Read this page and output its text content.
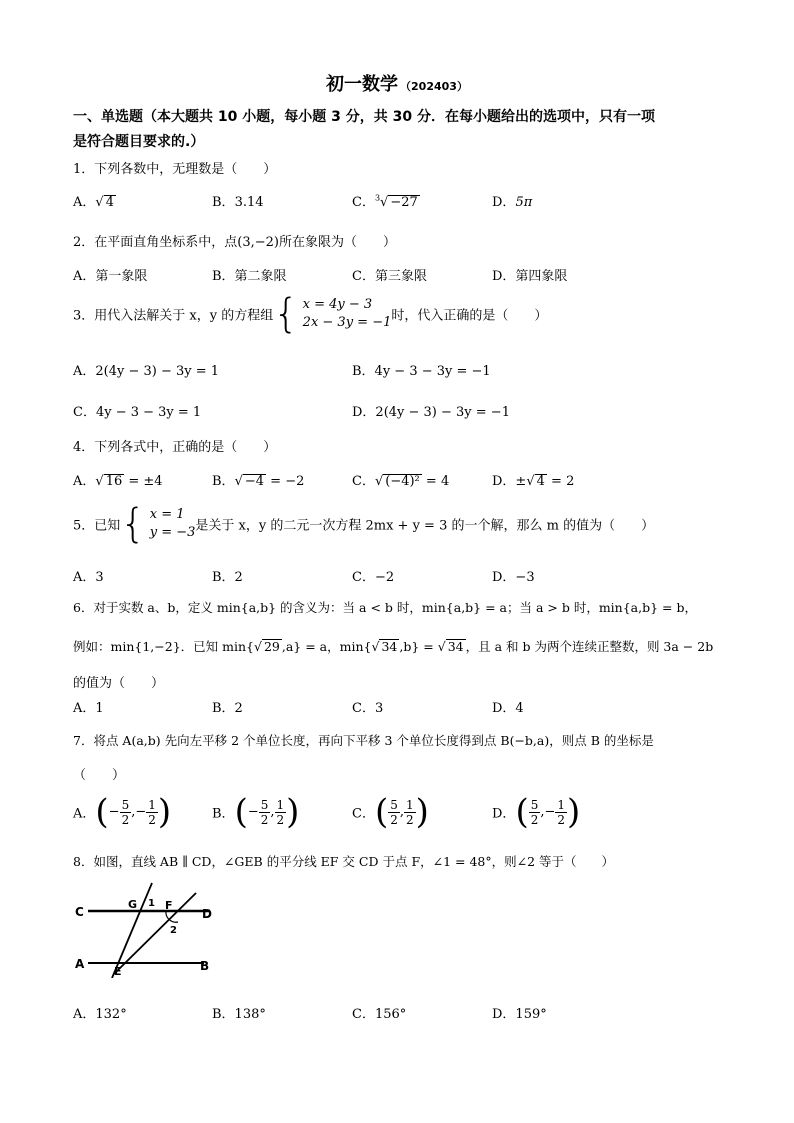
初一数学 （202403）
一、单选题（本大题共 10 小题，每小题 3 分，共 30 分．在每小题给出的选项中，只有一项
是符合题目要求的.）
1．下列各数中，无理数是（　　）
A．√ 4	B．3.14	C．$^3$√ −27	D．5π
2．在平面直角坐标系中，点(3,−2)所在象限为（　　）
A．第一象限	B．第二象限	C．第三象限	D．第四象限
3．用代入法解关于 x，y 的方程组{ x = 4y − 3
2x − 3y = −1 时，代入正确的是（　　）
A．2(4y − 3) − 3y = 1	B．4y − 3 − 3y = −1
C．4y − 3 − 3y = 1	D．2(4y − 3) − 3y = −1
4．下列各式中，正确的是（　　）
A．√ 16 = ±4	B．√ −4 = −2	C．√ (−4)² = 4	D．±√ 4 = 2
5．已知{ x = 1
y = −3 是关于 x，y 的二元一次方程 2mx + y = 3 的一个解，那么 m 的值为（　　）
A．3	B．2	C．−2	D．−3
6．对于实数 a、b，定义 min{a,b} 的含义为：当 a < b 时，min{a,b} = a；当 a > b 时，min{a,b} = b，
例如：min{1,−2}．已知 min{√ 29 ,a} = a，min{√ 34 ,b} = √ 34 ，且 a 和 b 为两个连续正整数，则 3a − 2b
的值为（　　）
A．1	B．2	C．3	D．4
7．将点 A(a,b) 先向左平移 2 个单位长度，再向下平移 3 个单位长度得到点 B(−b,a)，则点 B 的坐标是
（　　）
A．(− $\frac{5}{2}$ ,− $\frac{1}{2}$ )	B．(− $\frac{5}{2}$ , $\frac{1}{2}$ )	C．( $\frac{5}{2}$ , $\frac{1}{2}$ )	D．( $\frac{5}{2}$ ,− $\frac{1}{2}$ )
8．如图，直线 AB ∥ CD，∠GEB 的平分线 EF 交 CD 于点 F，∠1 = 48°，则∠2 等于（　　）
C
G 1 F
D
2
A
E	B
A．132°	B．138°	C．156°	D．159°
